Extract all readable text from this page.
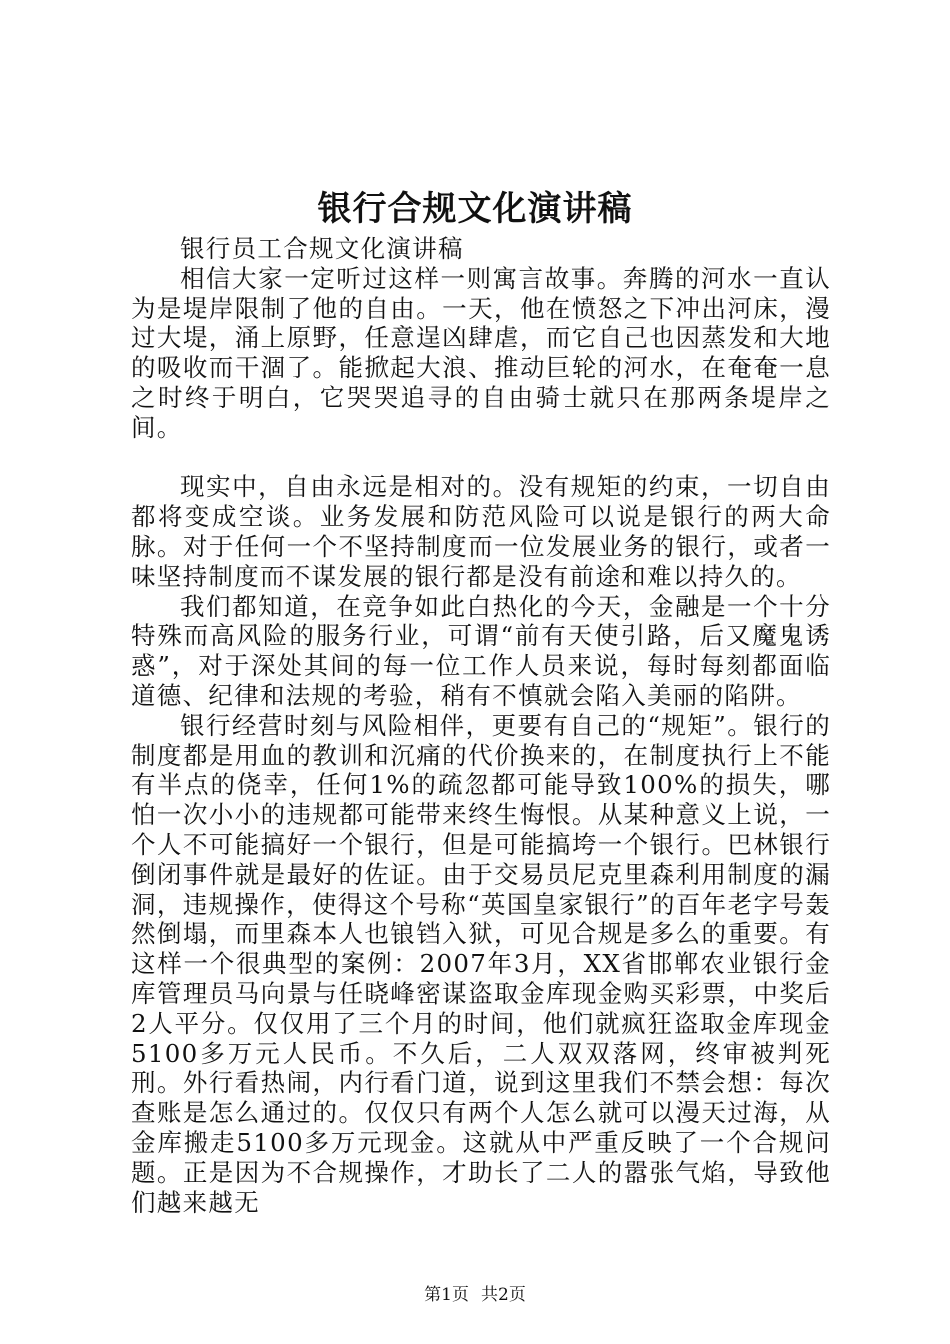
银行合规文化演讲稿

银行员工合规文化演讲稿

相信大家一定听过这样一则寓言故事。奔腾的河水一直认为是堤岸限制了他的自由。一天，他在愤怒之下冲出河床，漫过大堤，涌上原野，任意逞凶肆虐，而它自己也因蒸发和大地的吸收而干涸了。能掀起大浪、推动巨轮的河水，在奄奄一息之时终于明白，它哭哭追寻的自由骑士就只在那两条堤岸之间。

现实中，自由永远是相对的。没有规矩的约束，一切自由都将变成空谈。业务发展和防范风险可以说是银行的两大命脉。对于任何一个不坚持制度而一位发展业务的银行，或者一味坚持制度而不谋发展的银行都是没有前途和难以持久的。

我们都知道，在竞争如此白热化的今天，金融是一个十分特殊而高风险的服务行业，可谓“前有天使引路，后又魔鬼诱惑”，对于深处其间的每一位工作人员来说，每时每刻都面临道德、纪律和法规的考验，稍有不慎就会陷入美丽的陷阱。

银行经营时刻与风险相伴，更要有自己的“规矩”。银行的制度都是用血的教训和沉痛的代价换来的，在制度执行上不能有半点的侥幸，任何1%的疏忽都可能导致100%的损失，哪怕一次小小的违规都可能带来终生悔恨。从某种意义上说，一个人不可能搞好一个银行，但是可能搞垮一个银行。巴林银行倒闭事件就是最好的佐证。由于交易员尼克里森利用制度的漏洞，违规操作，使得这个号称“英国皇家银行”的百年老字号轰然倒塌，而里森本人也锒铛入狱，可见合规是多么的重要。有这样一个很典型的案例：2007年3月，XX省邯郸农业银行金库管理员马向景与任晓峰密谋盗取金库现金购买彩票，中奖后2人平分。仅仅用了三个月的时间，他们就疯狂盗取金库现金5100多万元人民币。不久后，二人双双落网，终审被判死刑。外行看热闹，内行看门道，说到这里我们不禁会想：每次查账是怎么通过的。仅仅只有两个人怎么就可以漫天过海，从金库搬走5100多万元现金。这就从中严重反映了一个合规问题。正是因为不合规操作，才助长了二人的嚣张气焰，导致他们越来越无

第1页 共2页
